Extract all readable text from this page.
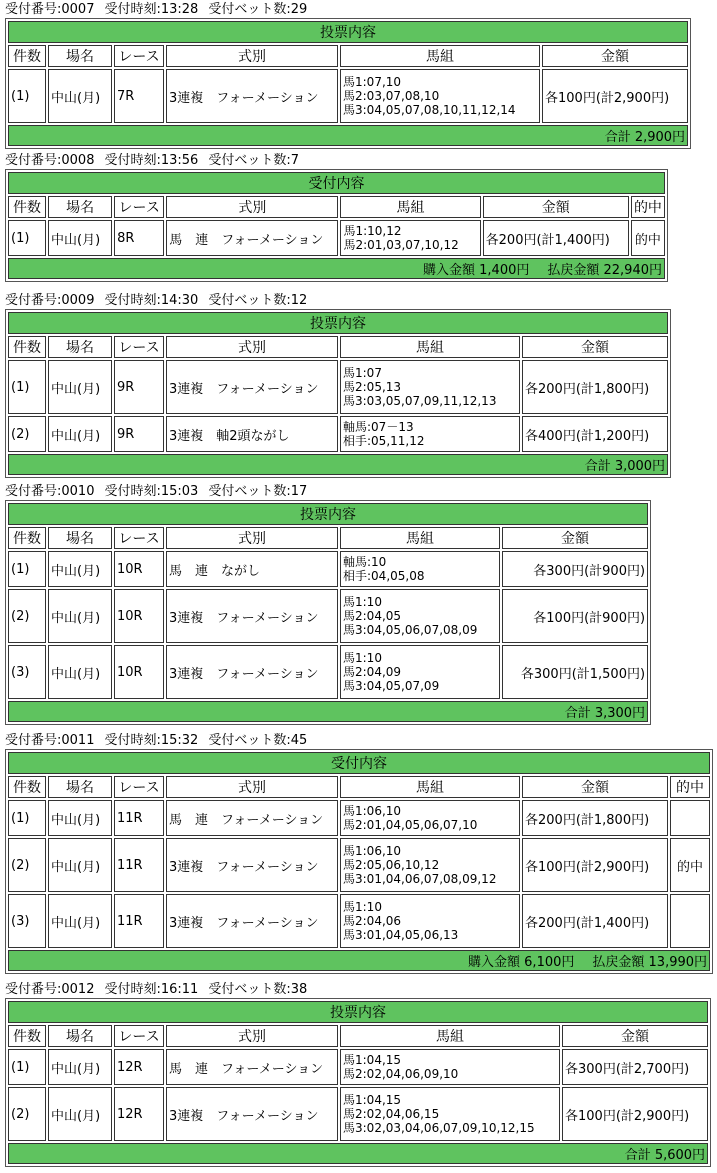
受付番号:0007 受付時刻:13:28 受付ベット数:29
投票内容					
件数	場名	レース	式別	馬組	金額
(1)	中山(月)	7R	3連複　フォーメーション	馬1:07,10
馬2:03,07,08,10
馬3:04,05,07,08,10,11,12,14	各100円(計2,900円)
合計 2,900円					
受付番号:0008 受付時刻:13:56 受付ベット数:7
受付内容						
件数	場名	レース	式別	馬組	金額	的中
(1)	中山(月)	8R	馬　連　フォーメーション	馬1:10,12
馬2:01,03,07,10,12	各200円(計1,400円)	的中
購入金額 1,400円 払戻金額 22,940円						
受付番号:0009 受付時刻:14:30 受付ベット数:12
投票内容					
件数	場名	レース	式別	馬組	金額
(1)	中山(月)	9R	3連複　フォーメーション	馬1:07
馬2:05,13
馬3:03,05,07,09,11,12,13	各200円(計1,800円)
(2)	中山(月)	9R	3連複　軸2頭ながし	軸馬:07－13
相手:05,11,12	各400円(計1,200円)
合計 3,000円					
受付番号:0010 受付時刻:15:03 受付ベット数:17
投票内容					
件数	場名	レース	式別	馬組	金額
(1)	中山(月)	10R	馬　連　ながし	軸馬:10
相手:04,05,08	各300円(計900円)
(2)	中山(月)	10R	3連複　フォーメーション	馬1:10
馬2:04,05
馬3:04,05,06,07,08,09	各100円(計900円)
(3)	中山(月)	10R	3連複　フォーメーション	馬1:10
馬2:04,09
馬3:04,05,07,09	各300円(計1,500円)
合計 3,300円					
受付番号:0011 受付時刻:15:32 受付ベット数:45
受付内容						
件数	場名	レース	式別	馬組	金額	的中
(1)	中山(月)	11R	馬　連　フォーメーション	馬1:06,10
馬2:01,04,05,06,07,10	各200円(計1,800円)	
(2)	中山(月)	11R	3連複　フォーメーション	馬1:06,10
馬2:05,06,10,12
馬3:01,04,06,07,08,09,12	各100円(計2,900円)	的中
(3)	中山(月)	11R	3連複　フォーメーション	馬1:10
馬2:04,06
馬3:01,04,05,06,13	各200円(計1,400円)	
購入金額 6,100円 払戻金額 13,990円						
受付番号:0012 受付時刻:16:11 受付ベット数:38
投票内容					
件数	場名	レース	式別	馬組	金額
(1)	中山(月)	12R	馬　連　フォーメーション	馬1:04,15
馬2:02,04,06,09,10	各300円(計2,700円)
(2)	中山(月)	12R	3連複　フォーメーション	馬1:04,15
馬2:02,04,06,15
馬3:02,03,04,06,07,09,10,12,15	各100円(計2,900円)
合計 5,600円					
